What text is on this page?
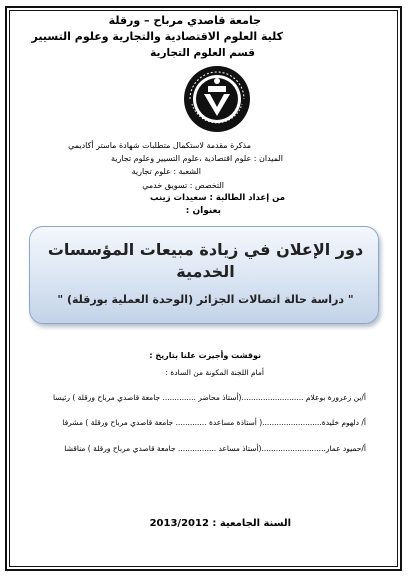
جامعة قاصدي مرباح – ورقلة
كلية العلوم الاقتصادية والتجارية وعلوم التسيير
قسم العلوم التجارية
مذكرة مقدمة لاستكمال متطلبات شهادة ماستر أكاديمي
الميدان : علوم اقتصادية ،علوم التسيير وعلوم تجارية
الشعبة : علوم تجارية
التخصص : تسويق خدمي
من إعداد الطالبة : سعيدات زينب
بعنوان :
دور الإعلان في زيادة مبيعات المؤسسات
الخدمية
" دراسة حالة اتصالات الجزائر (الوحدة العملية بورقلة) "
نوقشت وأجيزت علنا بتاريخ :
أمام اللجنة المكونة من السادة :
أ/بن زعرورة بوعلام ..........................(أستاذ محاضر .............. جامعة قاصدي مرباح ورقلة ) رئيسا
أ/ دلهوم خليدة.........................( أستاذة مساعدة ............. جامعة قاصدي مرباح ورقلة ) مشرفا
أ/حميود عمار...........................(أستاذ مساعد ................ جامعة قاصدي مرباح ورقلة ) مناقشا
السنة الجامعية : 2013/2012
